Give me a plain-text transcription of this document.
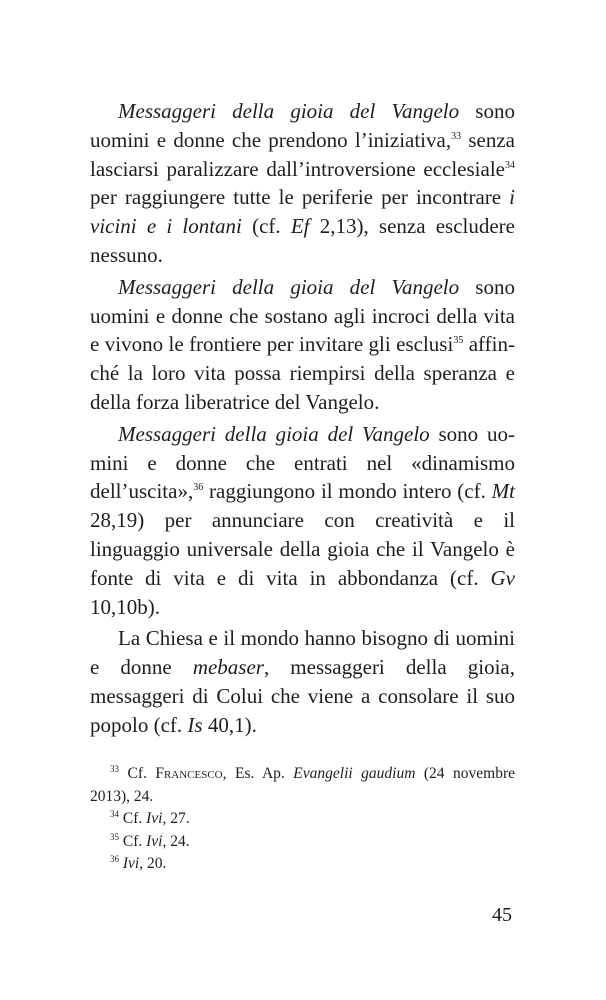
Messaggeri della gioia del Vangelo sono uomini e donne che prendono l’iniziativa,$^{33}$ senza lasciarsi paralizzare dall’introversione ecclesiale$^{34}$ per raggiungere tutte le periferie per incontrare i vicini e i lontani (cf. Ef 2,13), senza escludere nessuno.

Messaggeri della gioia del Vangelo sono uomini e donne che sostano agli incroci della vita e vivono le frontiere per invitare gli esclusi$^{35}$ affinché la loro vita possa riempirsi della speranza e della forza liberatrice del Vangelo.

Messaggeri della gioia del Vangelo sono uomini e donne che entrati nel «dinamismo dell’uscita»,$^{36}$ raggiungono il mondo intero (cf. Mt 28,19) per annunciare con creatività e il linguaggio universale della gioia che il Vangelo è fonte di vita e di vita in abbondanza (cf. Gv 10,10b).

La Chiesa e il mondo hanno bisogno di uomini e donne mebaser, messaggeri della gioia, messaggeri di Colui che viene a consolare il suo popolo (cf. Is 40,1).

$^{33}$ Cf. Francesco, Es. Ap. Evangelii gaudium (24 novembre 2013), 24.

$^{34}$ Cf. Ivi, 27.

$^{35}$ Cf. Ivi, 24.

$^{36}$ Ivi, 20.

45
